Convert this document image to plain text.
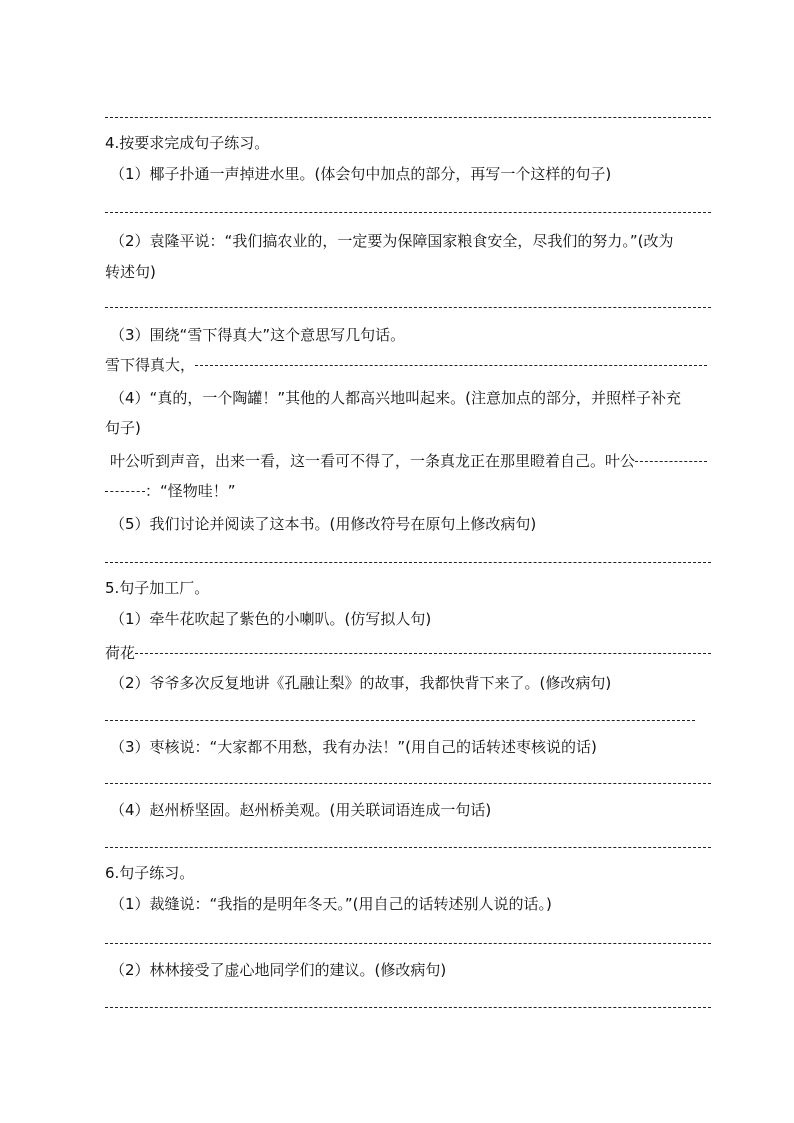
4.按要求完成句子练习。
（1）椰子扑通一声掉进水里。(体会句中加点的部分，再写一个这样的句子)
（2）袁隆平说：“我们搞农业的，一定要为保障国家粮食安全，尽我们的努力。”(改为
转述句)
（3）围绕“雪下得真大”这个意思写几句话。
雪下得真大，
（4）“真的，一个陶罐！”其他的人都高兴地叫起来。(注意加点的部分，并照样子补充
句子)
叶公听到声音，出来一看，这一看可不得了，一条真龙正在那里瞪着自己。叶公
：“怪物哇！”
（5）我们讨论并阅读了这本书。(用修改符号在原句上修改病句)
5.句子加工厂。
（1）牵牛花吹起了紫色的小喇叭。(仿写拟人句)
荷花
（2）爷爷多次反复地讲《孔融让梨》的故事，我都快背下来了。(修改病句)
（3）枣核说：“大家都不用愁，我有办法！”(用自己的话转述枣核说的话)
（4）赵州桥坚固。赵州桥美观。(用关联词语连成一句话)
6.句子练习。
（1）裁缝说：“我指的是明年冬天。”(用自己的话转述别人说的话。)
（2）林林接受了虚心地同学们的建议。(修改病句)
